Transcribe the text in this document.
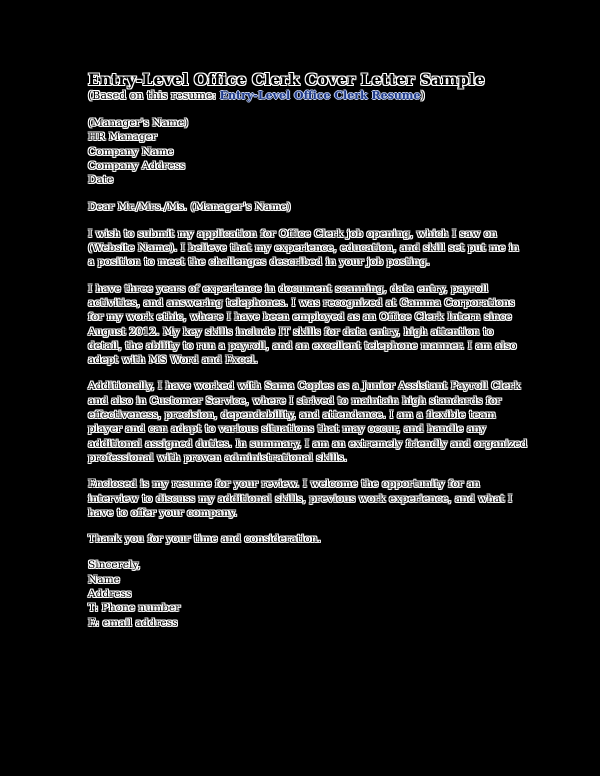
Entry-Level Office Clerk Cover Letter Sample

(Based on this resume: Entry-Level Office Clerk Resume)

(Manager's Name)
HR Manager
Company Name
Company Address
Date

Dear Mr./Mrs./Ms. (Manager's Name)

I wish to submit my application for Office Clerk job opening, which I saw on (Website Name). I believe that my experience, education, and skill set put me in a position to meet the challenges described in your job posting.

I have three years of experience in document scanning, data entry, payroll activities, and answering telephones. I was recognized at Gamma Corporations for my work ethic, where I have been employed as an Office Clerk Intern since August 2012. My key skills include IT skills for data entry, high attention to detail, the ability to run a payroll, and an excellent telephone manner. I am also adept with MS Word and Excel.

Additionally, I have worked with Sama Copies as a Junior Assistant Payroll Clerk and also in Customer Service, where I strived to maintain high standards for effectiveness, precision, dependability, and attendance. I am a flexible team player and can adapt to various situations that may occur, and handle any additional assigned duties. In summary, I am an extremely friendly and organized professional with proven administrational skills.

Enclosed is my resume for your review. I welcome the opportunity for an interview to discuss my additional skills, previous work experience, and what I have to offer your company.

Thank you for your time and consideration.

Sincerely,
Name
Address
T: Phone number
E: email address
